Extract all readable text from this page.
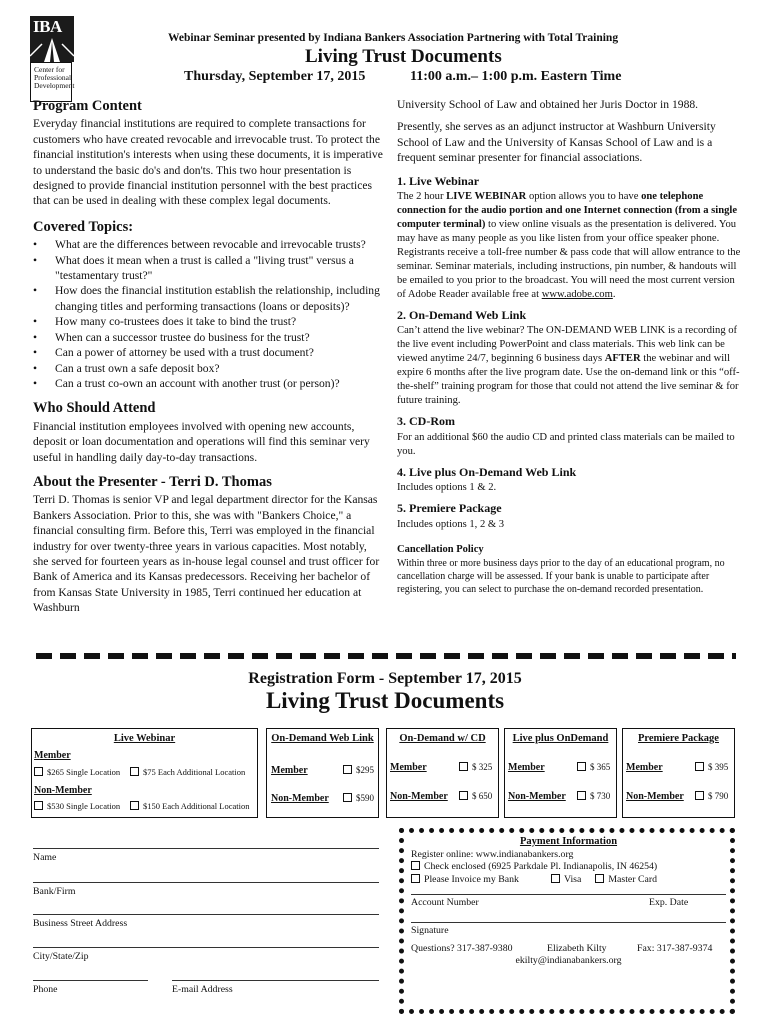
IBA
Center for Professional Development
Webinar Seminar presented by Indiana Bankers Association Partnering with Total Training
Living Trust Documents
Thursday, September 17, 2015	11:00 a.m.– 1:00 p.m. Eastern Time
Program Content

Everyday financial institutions are required to complete transactions for customers who have created revocable and irrevocable trust. To protect the financial institution's interests when using these documents, it is imperative to understand the basic do's and don'ts. This two hour presentation is designed to provide financial institution personnel with the best practices that can be used in dealing with these complex legal documents.

Covered Topics:
• What are the differences between revocable and irrevocable trusts?
• What does it mean when a trust is called a "living trust" versus a "testamentary trust?"
• How does the financial institution establish the relationship, including changing titles and performing transactions (loans or deposits)?
• How many co-trustees does it take to bind the trust?
• When can a successor trustee do business for the trust?
• Can a power of attorney be used with a trust document?
• Can a trust own a safe deposit box?
• Can a trust co-own an account with another trust (or person)?
Who Should Attend

Financial institution employees involved with opening new accounts, deposit or loan documentation and operations will find this seminar very useful in handling daily day-to-day transactions.

About the Presenter - Terri D. Thomas

Terri D. Thomas is senior VP and legal department director for the Kansas Bankers Association. Prior to this, she was with "Bankers Choice," a financial consulting firm. Before this, Terri was employed in the financial industry for over twenty-three years in various capacities. Most notably, she served for fourteen years as in-house legal counsel and trust officer for Bank of America and its Kansas predecessors. Receiving her bachelor of from Kansas State University in 1985, Terri continued her education at Washburn

University School of Law and obtained her Juris Doctor in 1988.

Presently, she serves as an adjunct instructor at Washburn University School of Law and the University of Kansas School of Law and is a frequent seminar presenter for financial associations.

1. Live Webinar

The 2 hour LIVE WEBINAR option allows you to have one telephone connection for the audio portion and one Internet connection (from a single computer terminal) to view online visuals as the presentation is delivered. You may have as many people as you like listen from your office speaker phone. Registrants receive a toll-free number & pass code that will allow entrance to the seminar. Seminar materials, including instructions, pin number, & handouts will be emailed to you prior to the broadcast. You will need the most current version of Adobe Reader available free at www.adobe.com.

2. On-Demand Web Link

Can’t attend the live webinar? The ON-DEMAND WEB LINK is a recording of the live event including PowerPoint and class materials. This web link can be viewed anytime 24/7, beginning 6 business days AFTER the webinar and will expire 6 months after the live program date. Use the on-demand link or this “off-the-shelf” training program for those that could not attend the live seminar & for future training.

3. CD-Rom

For an additional $60 the audio CD and printed class materials can be mailed to you.

4. Live plus On-Demand Web Link

Includes options 1 & 2.

5. Premiere Package

Includes options 1, 2 & 3

Cancellation Policy

Within three or more business days prior to the day of an educational program, no cancellation charge will be assessed. If your bank is unable to participate after registering, you can select to purchase the on-demand recorded presentation.

Registration Form - September 17, 2015
Living Trust Documents
Live Webinar
Member
$265 Single Location	$75 Each Additional Location
Non-Member
$530 Single Location	$150 Each Additional Location
On-Demand Web Link	On-Demand w/ CD	Live plus OnDemand	Premiere Package
Member	$295
Non-Member	$590
Member	$ 325
Non-Member	$ 650
Member	$ 365
Non-Member	$ 730
Member	$ 395
Non-Member	$ 790
Name
Bank/Firm
Business Street Address
City/State/Zip
Phone	E-mail Address
Payment Information
Register online: www.indianabankers.org
Check enclosed (6925 Parkdale Pl. Indianapolis, IN 46254)
Please Invoice my Bank	Visa	Master Card
Account Number	Exp. Date
Signature
Questions? 317-387-9380	Elizabeth Kilty	Fax: 317-387-9374
ekilty@indianabankers.org
